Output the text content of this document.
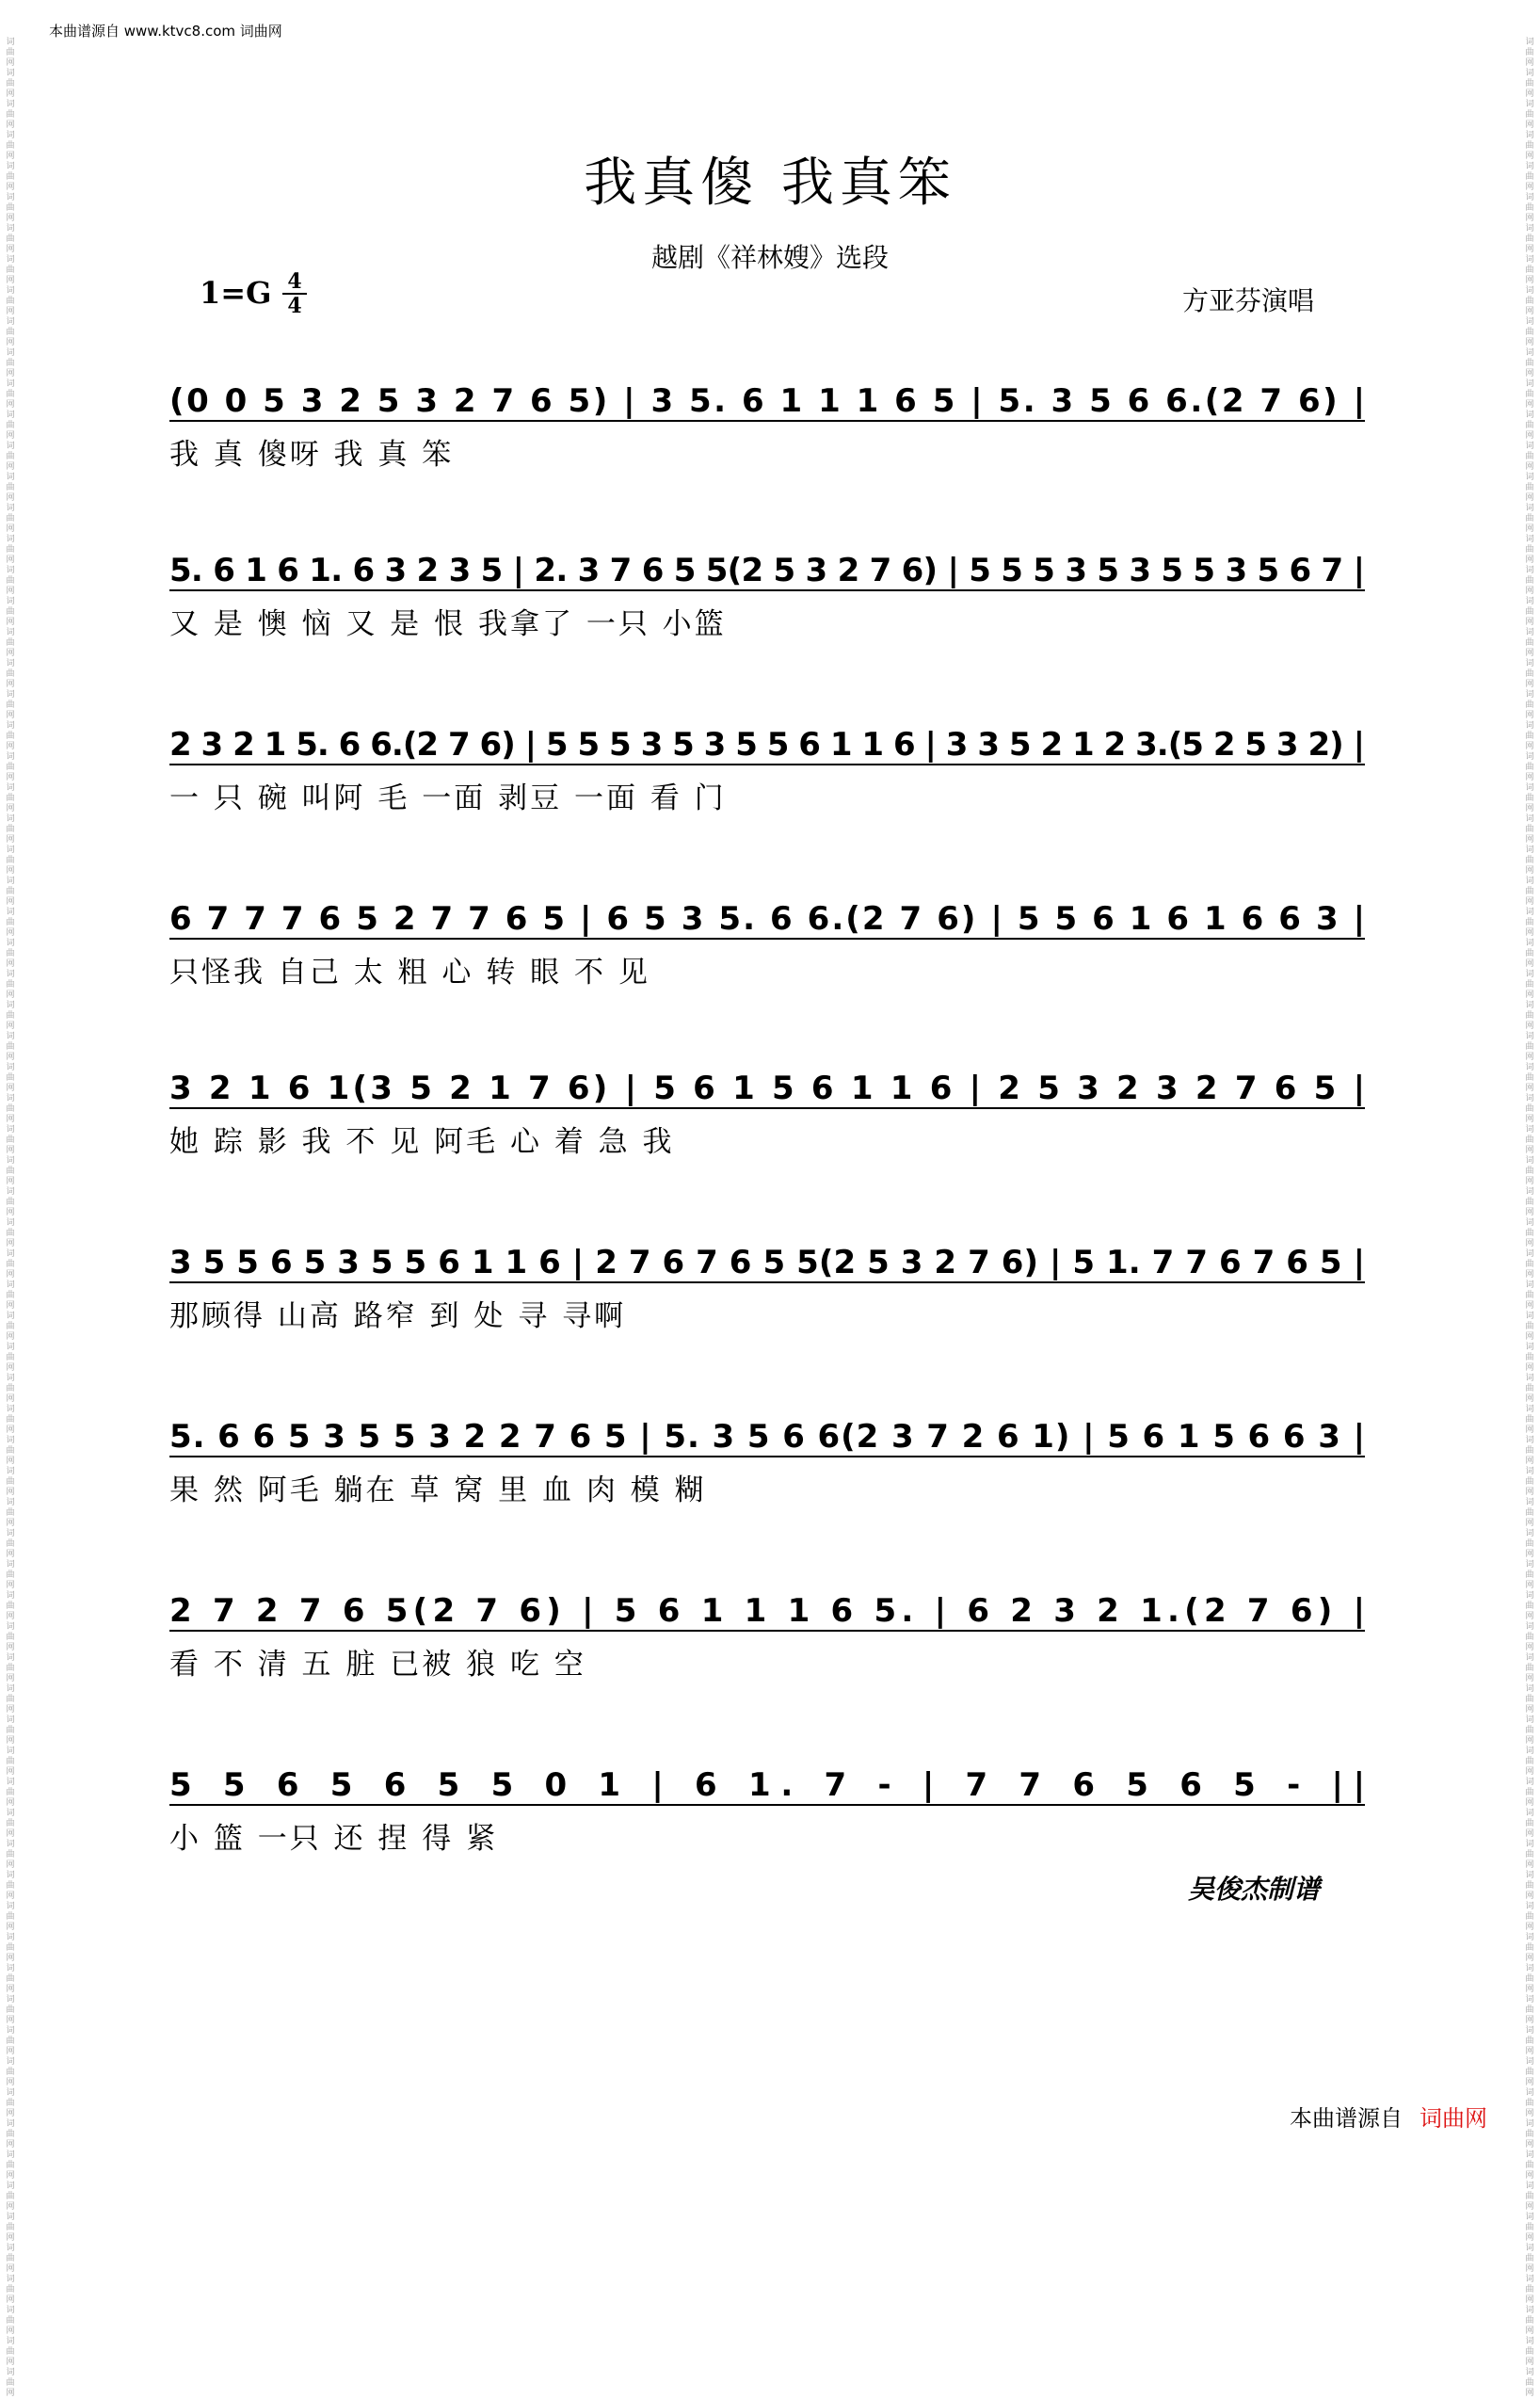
本曲谱源自 www.ktvc8.com 词曲网
词曲网词曲网词曲网词曲网词曲网词曲网词曲网词曲网词曲网词曲网词曲网词曲网词曲网词曲网词曲网词曲网词曲网词曲网词曲网词曲网词曲网词曲网词曲网词曲网词曲网词曲网词曲网词曲网词曲网词曲网词曲网词曲网词曲网词曲网词曲网词曲网词曲网词曲网词曲网词曲网词曲网词曲网词曲网词曲网词曲网词曲网词曲网词曲网词曲网词曲网词曲网词曲网词曲网词曲网词曲网词曲网词曲网词曲网词曲网词曲网词曲网词曲网词曲网词曲网词曲网词曲网词曲网词曲网词曲网词曲网词曲网词曲网词曲网词曲网词曲网词曲网
词曲网词曲网词曲网词曲网词曲网词曲网词曲网词曲网词曲网词曲网词曲网词曲网词曲网词曲网词曲网词曲网词曲网词曲网词曲网词曲网词曲网词曲网词曲网词曲网词曲网词曲网词曲网词曲网词曲网词曲网词曲网词曲网词曲网词曲网词曲网词曲网词曲网词曲网词曲网词曲网词曲网词曲网词曲网词曲网词曲网词曲网词曲网词曲网词曲网词曲网词曲网词曲网词曲网词曲网词曲网词曲网词曲网词曲网词曲网词曲网词曲网词曲网词曲网词曲网词曲网词曲网词曲网词曲网词曲网词曲网词曲网词曲网词曲网词曲网词曲网词曲网
我真傻 我真笨
越剧《祥林嫂》选段
1=G 4
4	方亚芬演唱
(0 0 5 3 2 5 3 2 7 6 5) | 3 5. 6 1 1 1 6 5 | 5. 3 5 6 6.(2 7 6) |
我 真 傻呀 我 真 笨
5. 6 1 6 1. 6 3 2 3 5 | 2. 3 7 6 5 5(2 5 3 2 7 6) | 5 5 5 3 5 3 5 5 3 5 6 7 |
又 是 懊 恼 又 是 恨 我拿了 一只 小篮
2 3 2 1 5. 6 6.(2 7 6) | 5 5 5 3 5 3 5 5 6 1 1 6 | 3 3 5 2 1 2 3.(5 2 5 3 2) |
一 只 碗 叫阿 毛 一面 剥豆 一面 看 门
6 7 7 7 6 5 2 7 7 6 5 | 6 5 3 5. 6 6.(2 7 6) | 5 5 6 1 6 1 6 6 3 |
只怪我 自己 太 粗 心 转 眼 不 见
3 2 1 6 1(3 5 2 1 7 6) | 5 6 1 5 6 1 1 6 | 2 5 3 2 3 2 7 6 5 |
她 踪 影 我 不 见 阿毛 心 着 急 我
3 5 5 6 5 3 5 5 6 1 1 6 | 2 7 6 7 6 5 5(2 5 3 2 7 6) | 5 1. 7 7 6 7 6 5 |
那顾得 山高 路窄 到 处 寻 寻啊
5. 6 6 5 3 5 5 3 2 2 7 6 5 | 5. 3 5 6 6(2 3 7 2 6 1) | 5 6 1 5 6 6 3 |
果 然 阿毛 躺在 草 窝 里 血 肉 模 糊
2 7 2 7 6 5(2 7 6) | 5 6 1 1 1 6 5. | 6 2 3 2 1.(2 7 6) |
看 不 清 五 脏 已被 狼 吃 空
5 5 6 5 6 5 5 0 1 | 6 1. 7 - | 7 7 6 5 6 5 - ||
小 篮 一只 还 捏 得 紧
吴俊杰制谱
本曲谱源自 词曲网
